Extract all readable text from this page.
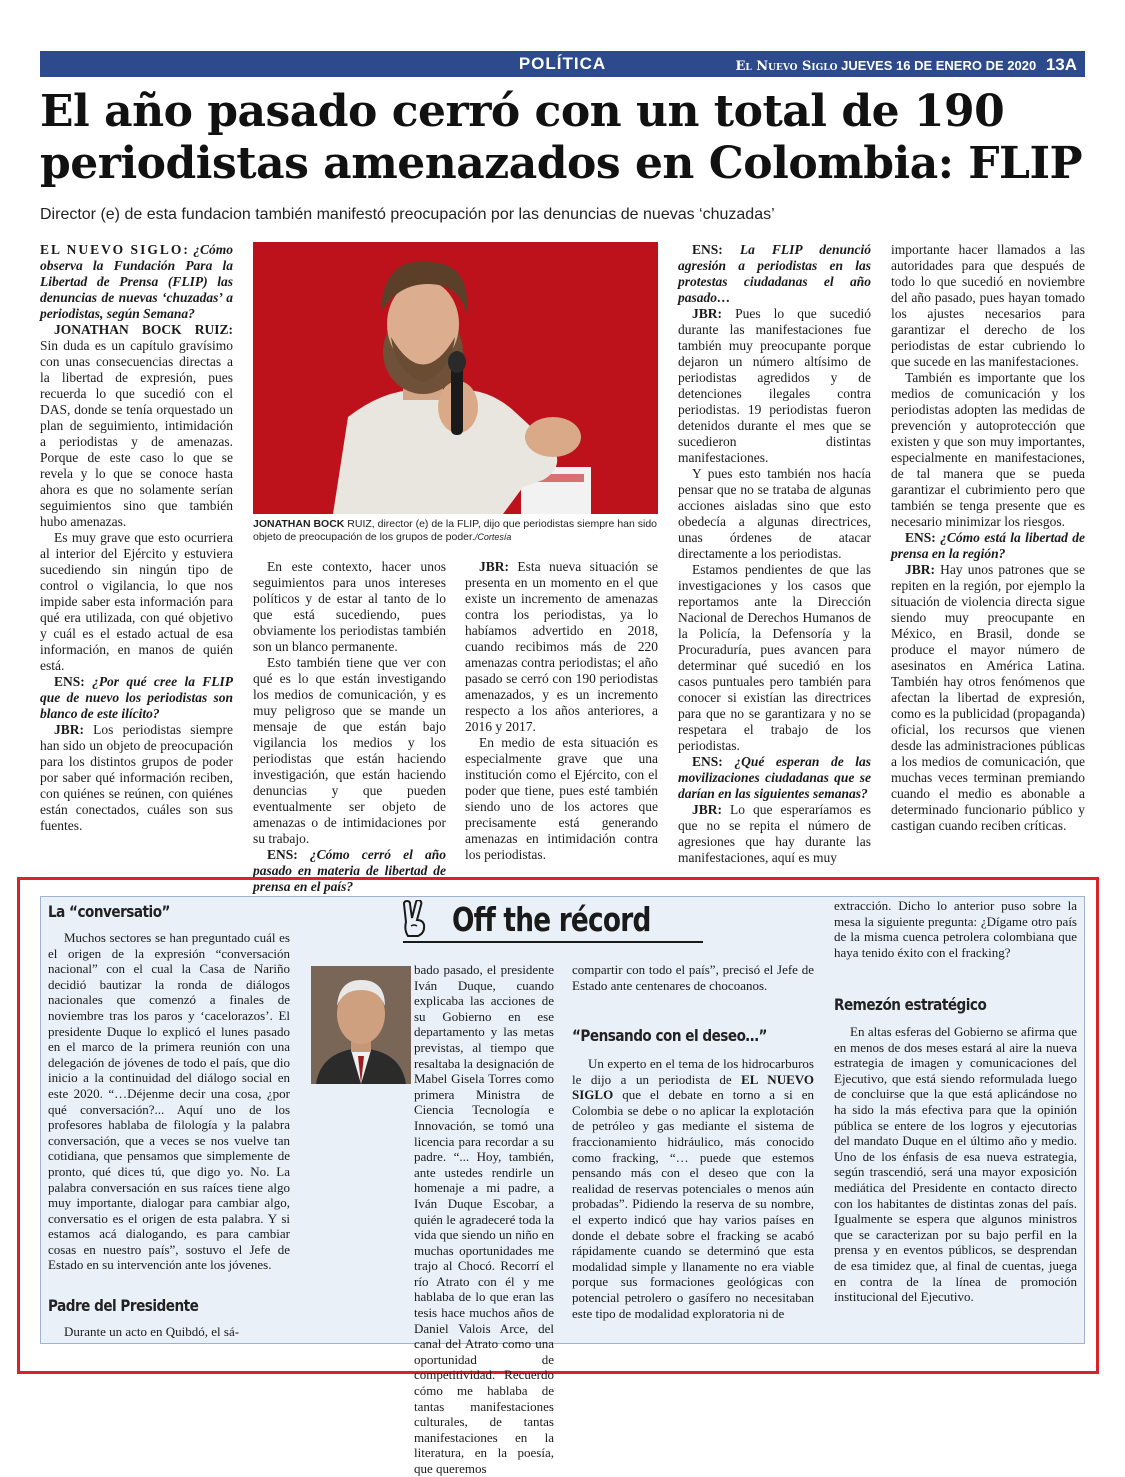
POLÍTICA	El Nuevo Siglo JUEVES 16 DE ENERO DE 2020 13A
El año pasado cerró con un total de 190 periodistas amenazados en Colombia: FLIP
Director (e) de esta fundacion también manifestó preocupación por las denuncias de nuevas ‘chuzadas’

EL NUEVO SIGLO: ¿Cómo observa la Fundación Para la Libertad de Prensa (FLIP) las denuncias de nuevas ‘chuzadas’ a periodistas, según Semana?

JONATHAN BOCK RUIZ: Sin duda es un capítulo gravísimo con unas consecuencias directas a la libertad de expresión, pues recuerda lo que sucedió con el DAS, donde se tenía orquestado un plan de seguimiento, intimidación a periodistas y de amenazas. Porque de este caso lo que se revela y lo que se conoce hasta ahora es que no solamente serían seguimientos sino que también hubo amenazas.

Es muy grave que esto ocurriera al interior del Ejército y estuviera sucediendo sin ningún tipo de control o vigilancia, lo que nos impide saber esta información para qué era utilizada, con qué objetivo y cuál es el estado actual de esa información, en manos de quién está.

ENS: ¿Por qué cree la FLIP que de nuevo los periodistas son blanco de este ilícito?

JBR: Los periodistas siempre han sido un objeto de preocupación para los distintos grupos de poder por saber qué información reciben, con quiénes se reúnen, con quiénes están conectados, cuáles son sus fuentes.

JONATHAN BOCK RUIZ, director (e) de la FLIP, dijo que periodistas siempre han sido objeto de preocupación de los grupos de poder./Cortesía

En este contexto, hacer unos seguimientos para unos intereses políticos y de estar al tanto de lo que está sucediendo, pues obviamente los periodistas también son un blanco permanente.

Esto también tiene que ver con qué es lo que están investigando los medios de comunicación, y es muy peligroso que se mande un mensaje de que están bajo vigilancia los medios y los periodistas que están haciendo investigación, que están haciendo denuncias y que pueden eventualmente ser objeto de amenazas o de intimidaciones por su trabajo.

ENS: ¿Cómo cerró el año pasado en materia de libertad de prensa en el país?

JBR: Esta nueva situación se presenta en un momento en el que existe un incremento de amenazas contra los periodistas, ya lo habíamos advertido en 2018, cuando recibimos más de 220 amenazas contra periodistas; el año pasado se cerró con 190 periodistas amenazados, y es un incremento respecto a los años anteriores, a 2016 y 2017.

En medio de esta situación es especialmente grave que una institución como el Ejército, con el poder que tiene, pues esté también siendo uno de los actores que precisamente está generando amenazas en intimidación contra los periodistas.

ENS: La FLIP denunció agresión a periodistas en las protestas ciudadanas el año pasado…

JBR: Pues lo que sucedió durante las manifestaciones fue también muy preocupante porque dejaron un número altísimo de periodistas agredidos y de detenciones ilegales contra periodistas. 19 periodistas fueron detenidos durante el mes que se sucedieron distintas manifestaciones.

Y pues esto también nos hacía pensar que no se trataba de algunas acciones aisladas sino que esto obedecía a algunas directrices, unas órdenes de atacar directamente a los periodistas.

Estamos pendientes de que las investigaciones y los casos que reportamos ante la Dirección Nacional de Derechos Humanos de la Policía, la Defensoría y la Procuraduría, pues avancen para determinar qué sucedió en los casos puntuales pero también para conocer si existían las directrices para que no se garantizara y no se respetara el trabajo de los periodistas.

ENS: ¿Qué esperan de las movilizaciones ciudadanas que se darían en las siguientes semanas?

JBR: Lo que esperaríamos es que no se repita el número de agresiones que hay durante las manifestaciones, aquí es muy

importante hacer llamados a las autoridades para que después de todo lo que sucedió en noviembre del año pasado, pues hayan tomado los ajustes necesarios para garantizar el derecho de los periodistas de estar cubriendo lo que sucede en las manifestaciones.

También es importante que los medios de comunicación y los periodistas adopten las medidas de prevención y autoprotección que existen y que son muy importantes, especialmente en manifestaciones, de tal manera que se pueda garantizar el cubrimiento pero que también se tenga presente que es necesario minimizar los riesgos.

ENS: ¿Cómo está la libertad de prensa en la región?

JBR: Hay unos patrones que se repiten en la región, por ejemplo la situación de violencia directa sigue siendo muy preocupante en México, en Brasil, donde se produce el mayor número de asesinatos en América Latina. También hay otros fenómenos que afectan la libertad de expresión, como es la publicidad (propaganda) oficial, los recursos que vienen desde las administraciones públicas a los medios de comunicación, que muchas veces terminan premiando cuando el medio es abonable a determinado funcionario público y castigan cuando reciben críticas.

Off the récord
La “conversatio”

Muchos sectores se han preguntado cuál es el origen de la expresión “conversación nacional” con el cual la Casa de Nariño decidió bautizar la ronda de diálogos nacionales que comenzó a finales de noviembre tras los paros y ‘cacelorazos’. El presidente Duque lo explicó el lunes pasado en el marco de la primera reunión con una delegación de jóvenes de todo el país, que dio inicio a la continuidad del diálogo social en este 2020. “…Déjenme decir una cosa, ¿por qué conversación?... Aquí uno de los profesores hablaba de filología y la palabra conversación, que a veces se nos vuelve tan cotidiana, que pensamos que simplemente de pronto, qué dices tú, que digo yo. No. La palabra conversación en sus raíces tiene algo muy importante, dialogar para cambiar algo, conversatio es el origen de esta palabra. Y si estamos acá dialogando, es para cambiar cosas en nuestro país”, sostuvo el Jefe de Estado en su intervención ante los jóvenes.

Padre del Presidente

Durante un acto en Quibdó, el sá-

bado pasado, el presidente Iván Duque, cuando explicaba las acciones de su Gobierno en ese departamento y las metas previstas, al tiempo que resaltaba la designación de Mabel Gisela Torres como primera Ministra de Ciencia Tecnología e Innovación, se tomó una licencia para recordar a su padre. “... Hoy, también, ante ustedes rendirle un homenaje a mi padre, a Iván Duque Escobar, a quién le agradeceré toda la vida que siendo un niño en muchas oportunidades me trajo al Chocó. Recorrí el río Atrato con él y me hablaba de lo que eran las tesis hace muchos años de Daniel Valois Arce, del canal del Atrato como una oportunidad de competitividad. Recuerdo cómo me hablaba de tantas manifestaciones culturales, de tantas manifestaciones en la literatura, en la poesía, que queremos

compartir con todo el país”, precisó el Jefe de Estado ante centenares de chocoanos.

“Pensando con el deseo…”

Un experto en el tema de los hidrocarburos le dijo a un periodista de EL NUEVO SIGLO que el debate en torno a si en Colombia se debe o no aplicar la explotación de petróleo y gas mediante el sistema de fraccionamiento hidráulico, más conocido como fracking, “… puede que estemos pensando más con el deseo que con la realidad de reservas potenciales o menos aún probadas”. Pidiendo la reserva de su nombre, el experto indicó que hay varios países en donde el debate sobre el fracking se acabó rápidamente cuando se determinó que esta modalidad simple y llanamente no era viable porque sus formaciones geológicas con potencial petrolero o gasífero no necesitaban este tipo de modalidad exploratoria ni de

extracción. Dicho lo anterior puso sobre la mesa la siguiente pregunta: ¿Dígame otro país de la misma cuenca petrolera colombiana que haya tenido éxito con el fracking?

Remezón estratégico

En altas esferas del Gobierno se afirma que en menos de dos meses estará al aire la nueva estrategia de imagen y comunicaciones del Ejecutivo, que está siendo reformulada luego de concluirse que la que está aplicándose no ha sido la más efectiva para que la opinión pública se entere de los logros y ejecutorias del mandato Duque en el último año y medio. Uno de los énfasis de esa nueva estrategia, según trascendió, será una mayor exposición mediática del Presidente en contacto directo con los habitantes de distintas zonas del país. Igualmente se espera que algunos ministros que se caracterizan por su bajo perfil en la prensa y en eventos públicos, se desprendan de esa timidez que, al final de cuentas, juega en contra de la línea de promoción institucional del Ejecutivo.
